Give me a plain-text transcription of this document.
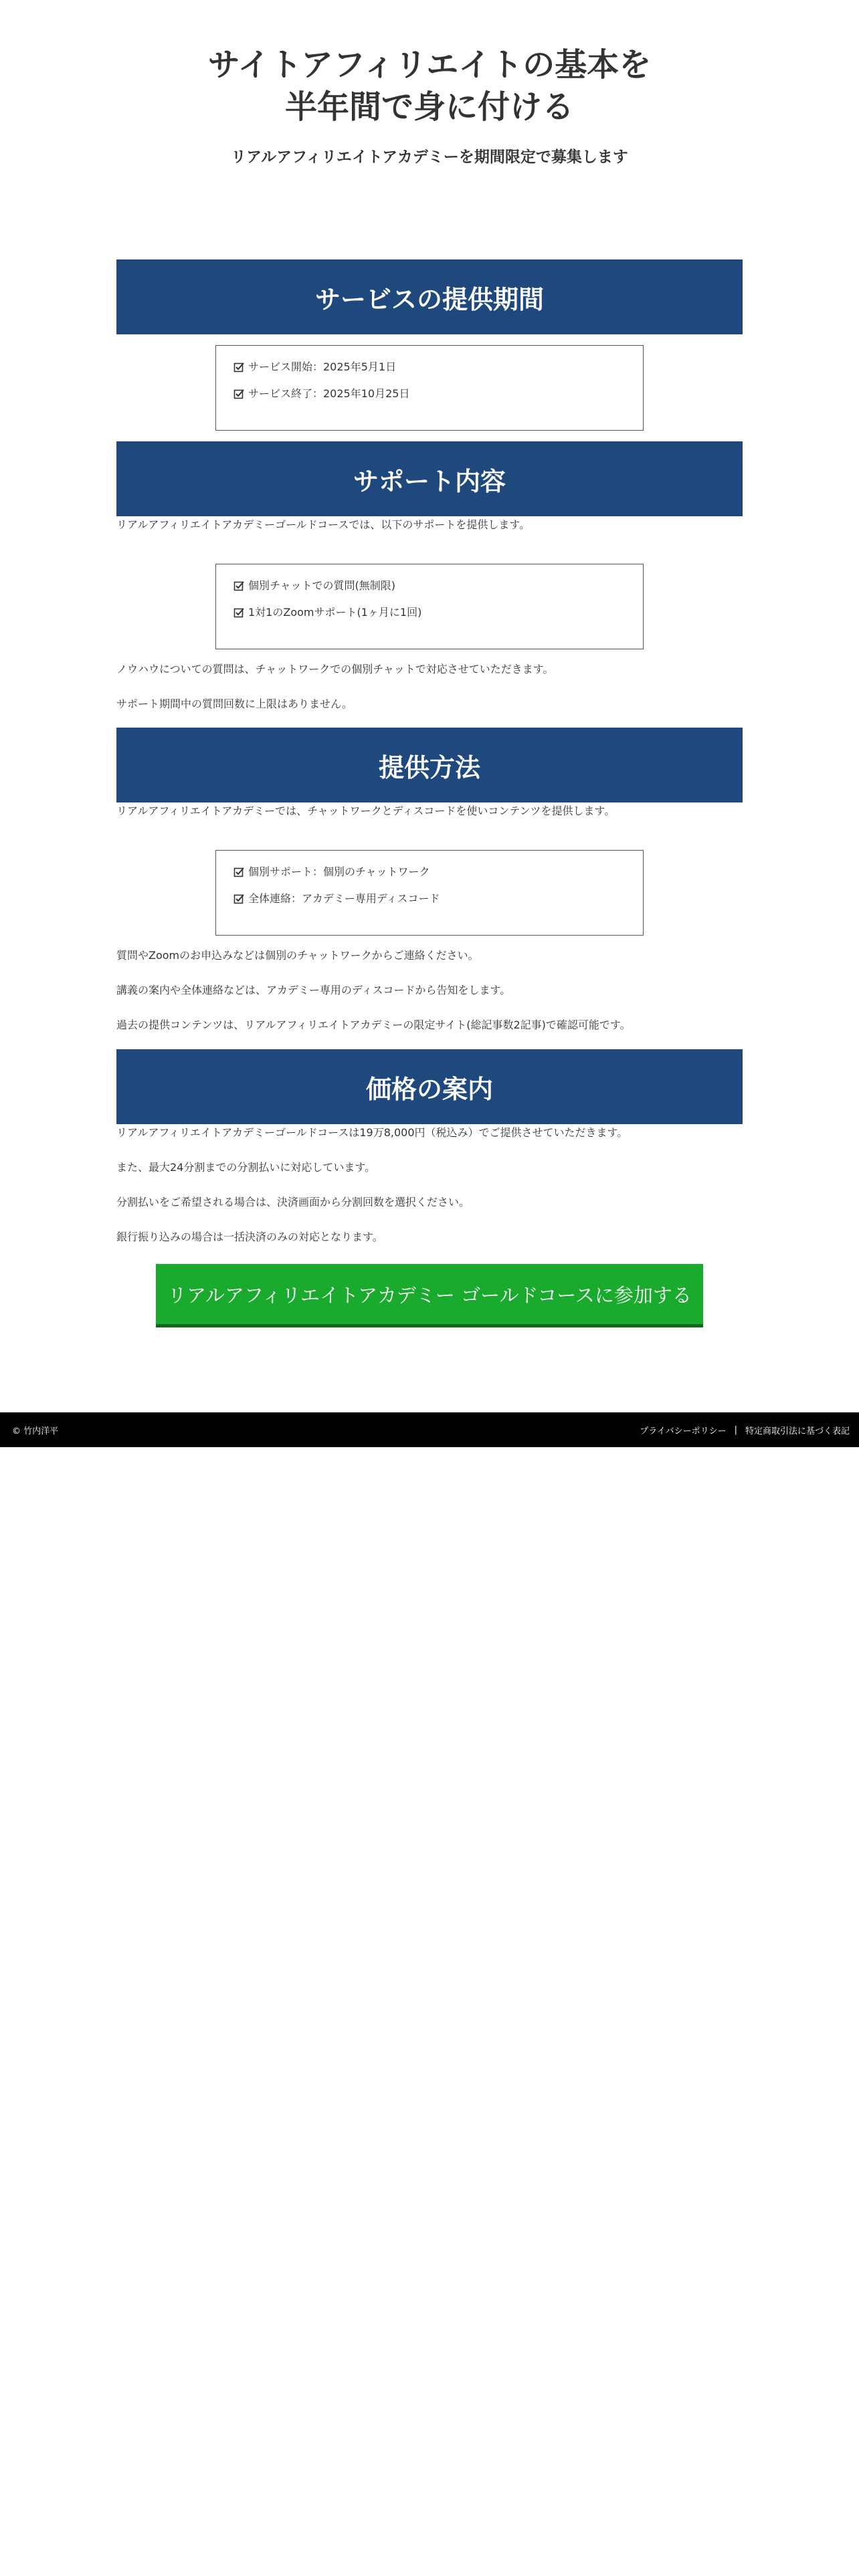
サイトアフィリエイトの基本を
半年間で身に付ける
リアルアフィリエイトアカデミーを期間限定で募集します
サービスの提供期間
サービス開始：2025年5月1日
サービス終了：2025年10月25日
サポート内容
リアルアフィリエイトアカデミーゴールドコースでは、以下のサポートを提供します。
個別チャットでの質問(無制限)
1対1のZoomサポート(1ヶ月に1回)
ノウハウについての質問は、チャットワークでの個別チャットで対応させていただきます。
サポート期間中の質問回数に上限はありません。
提供方法
リアルアフィリエイトアカデミーでは、チャットワークとディスコードを使いコンテンツを提供します。
個別サポート：個別のチャットワーク
全体連絡：アカデミー専用ディスコード
質問やZoomのお申込みなどは個別のチャットワークからご連絡ください。
講義の案内や全体連絡などは、アカデミー専用のディスコードから告知をします。
過去の提供コンテンツは、リアルアフィリエイトアカデミーの限定サイト(総記事数2記事)で確認可能です。
価格の案内
リアルアフィリエイトアカデミーゴールドコースは19万8,000円（税込み）でご提供させていただきます。
また、最大24分割までの分割払いに対応しています。
分割払いをご希望される場合は、決済画面から分割回数を選択ください。
銀行振り込みの場合は一括決済のみの対応となります。
リアルアフィリエイトアカデミー ゴールドコースに参加する
© 竹内洋平	プライバシーポリシー | 特定商取引法に基づく表記
